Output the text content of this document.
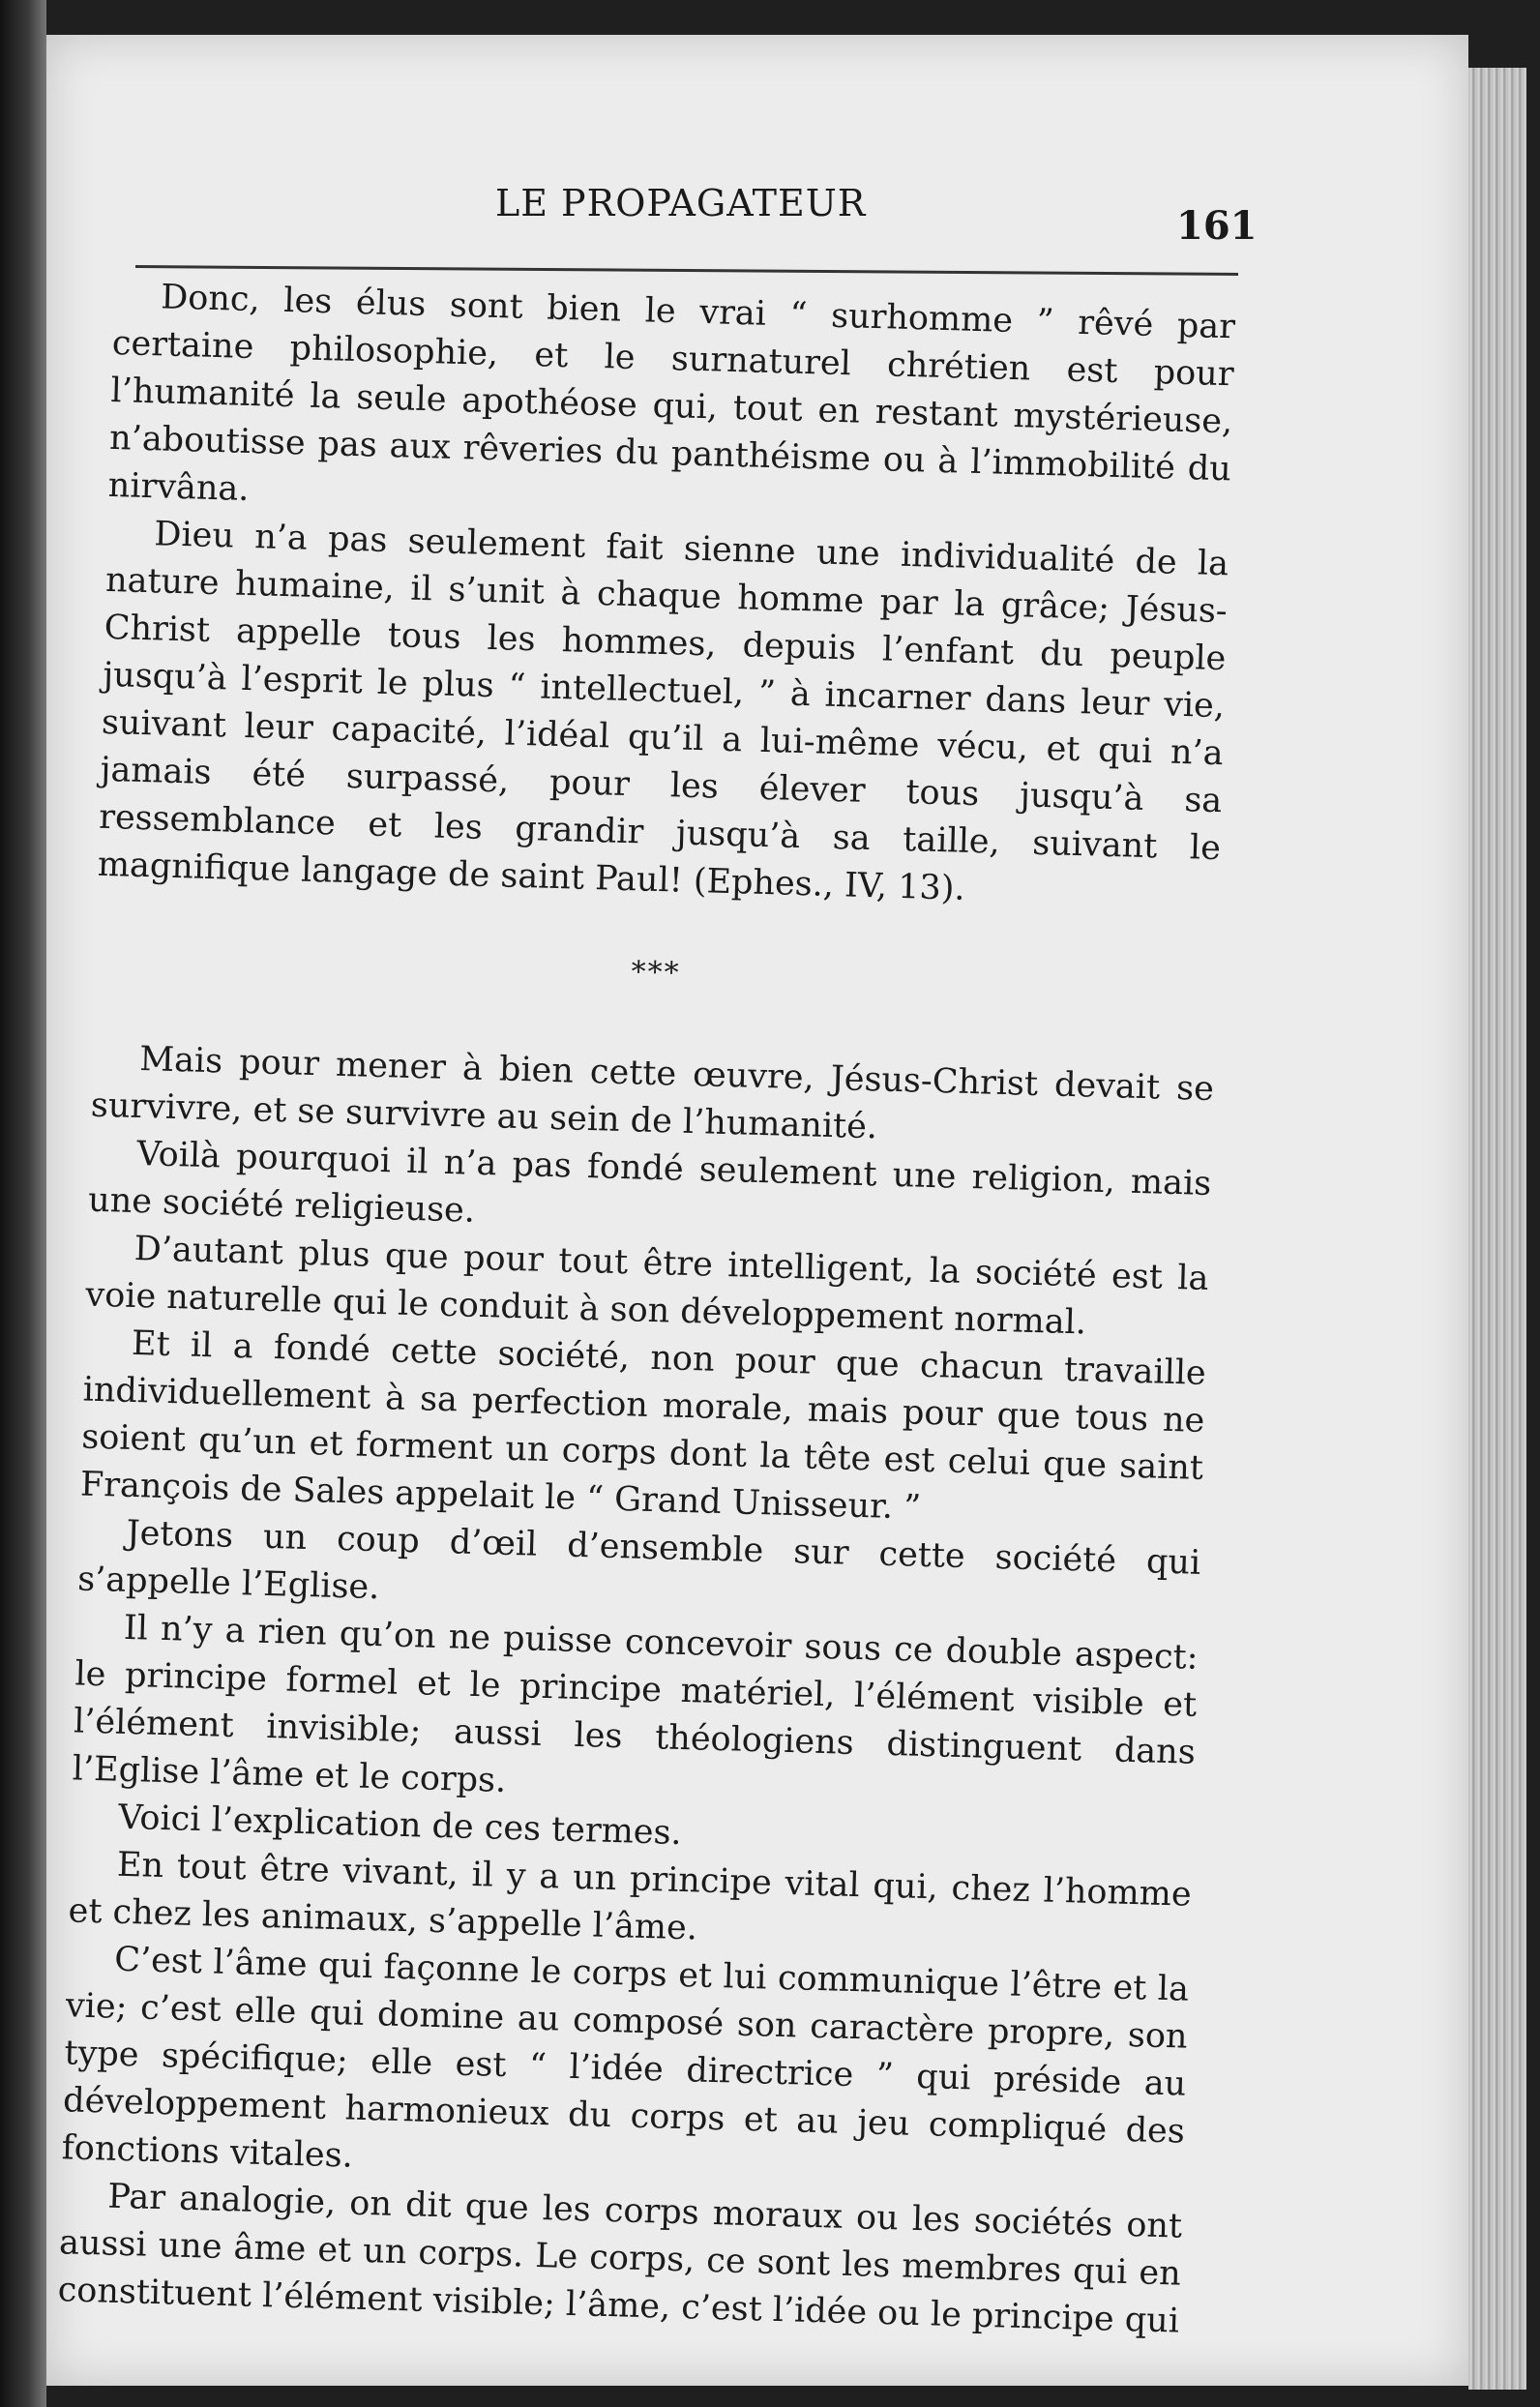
LE PROPAGATEUR	161

Donc, les élus sont bien le vrai “ surhomme ” rêvé par certaine philosophie, et le surnaturel chrétien est pour l’humanité la seule apothéose qui, tout en restant mystérieuse, n’aboutisse pas aux rêveries du panthéisme ou à l’immobilité du nirvâna.

Dieu n’a pas seulement fait sienne une individualité de la nature humaine, il s’unit à chaque homme par la grâce; Jésus-Christ appelle tous les hommes, depuis l’enfant du peuple jusqu’à l’esprit le plus “ intellectuel, ” à incarner dans leur vie, suivant leur capacité, l’idéal qu’il a lui-même vécu, et qui n’a jamais été surpassé, pour les élever tous jusqu’à sa ressemblance et les grandir jusqu’à sa taille, suivant le magnifique langage de saint Paul! (Ephes., IV, 13).

***

Mais pour mener à bien cette œuvre, Jésus-Christ devait se survivre, et se survivre au sein de l’humanité.

Voilà pourquoi il n’a pas fondé seulement une religion, mais une société religieuse.

D’autant plus que pour tout être intelligent, la société est la voie naturelle qui le conduit à son développement normal.

Et il a fondé cette société, non pour que chacun travaille individuellement à sa perfection morale, mais pour que tous ne soient qu’un et forment un corps dont la tête est celui que saint François de Sales appelait le “ Grand Unisseur. ”

Jetons un coup d’œil d’ensemble sur cette société qui s’appelle l’Eglise.

Il n’y a rien qu’on ne puisse concevoir sous ce double aspect: le principe formel et le principe matériel, l’élément visible et l’élément invisible; aussi les théologiens distinguent dans l’Eglise l’âme et le corps.

Voici l’explication de ces termes.

En tout être vivant, il y a un principe vital qui, chez l’homme et chez les animaux, s’appelle l’âme.

C’est l’âme qui façonne le corps et lui communique l’être et la vie; c’est elle qui domine au composé son caractère propre, son type spécifique; elle est “ l’idée directrice ” qui préside au développement harmonieux du corps et au jeu compliqué des fonctions vitales.

Par analogie, on dit que les corps moraux ou les sociétés ont aussi une âme et un corps. Le corps, ce sont les membres qui en constituent l’élément visible; l’âme, c’est l’idée ou le principe qui
